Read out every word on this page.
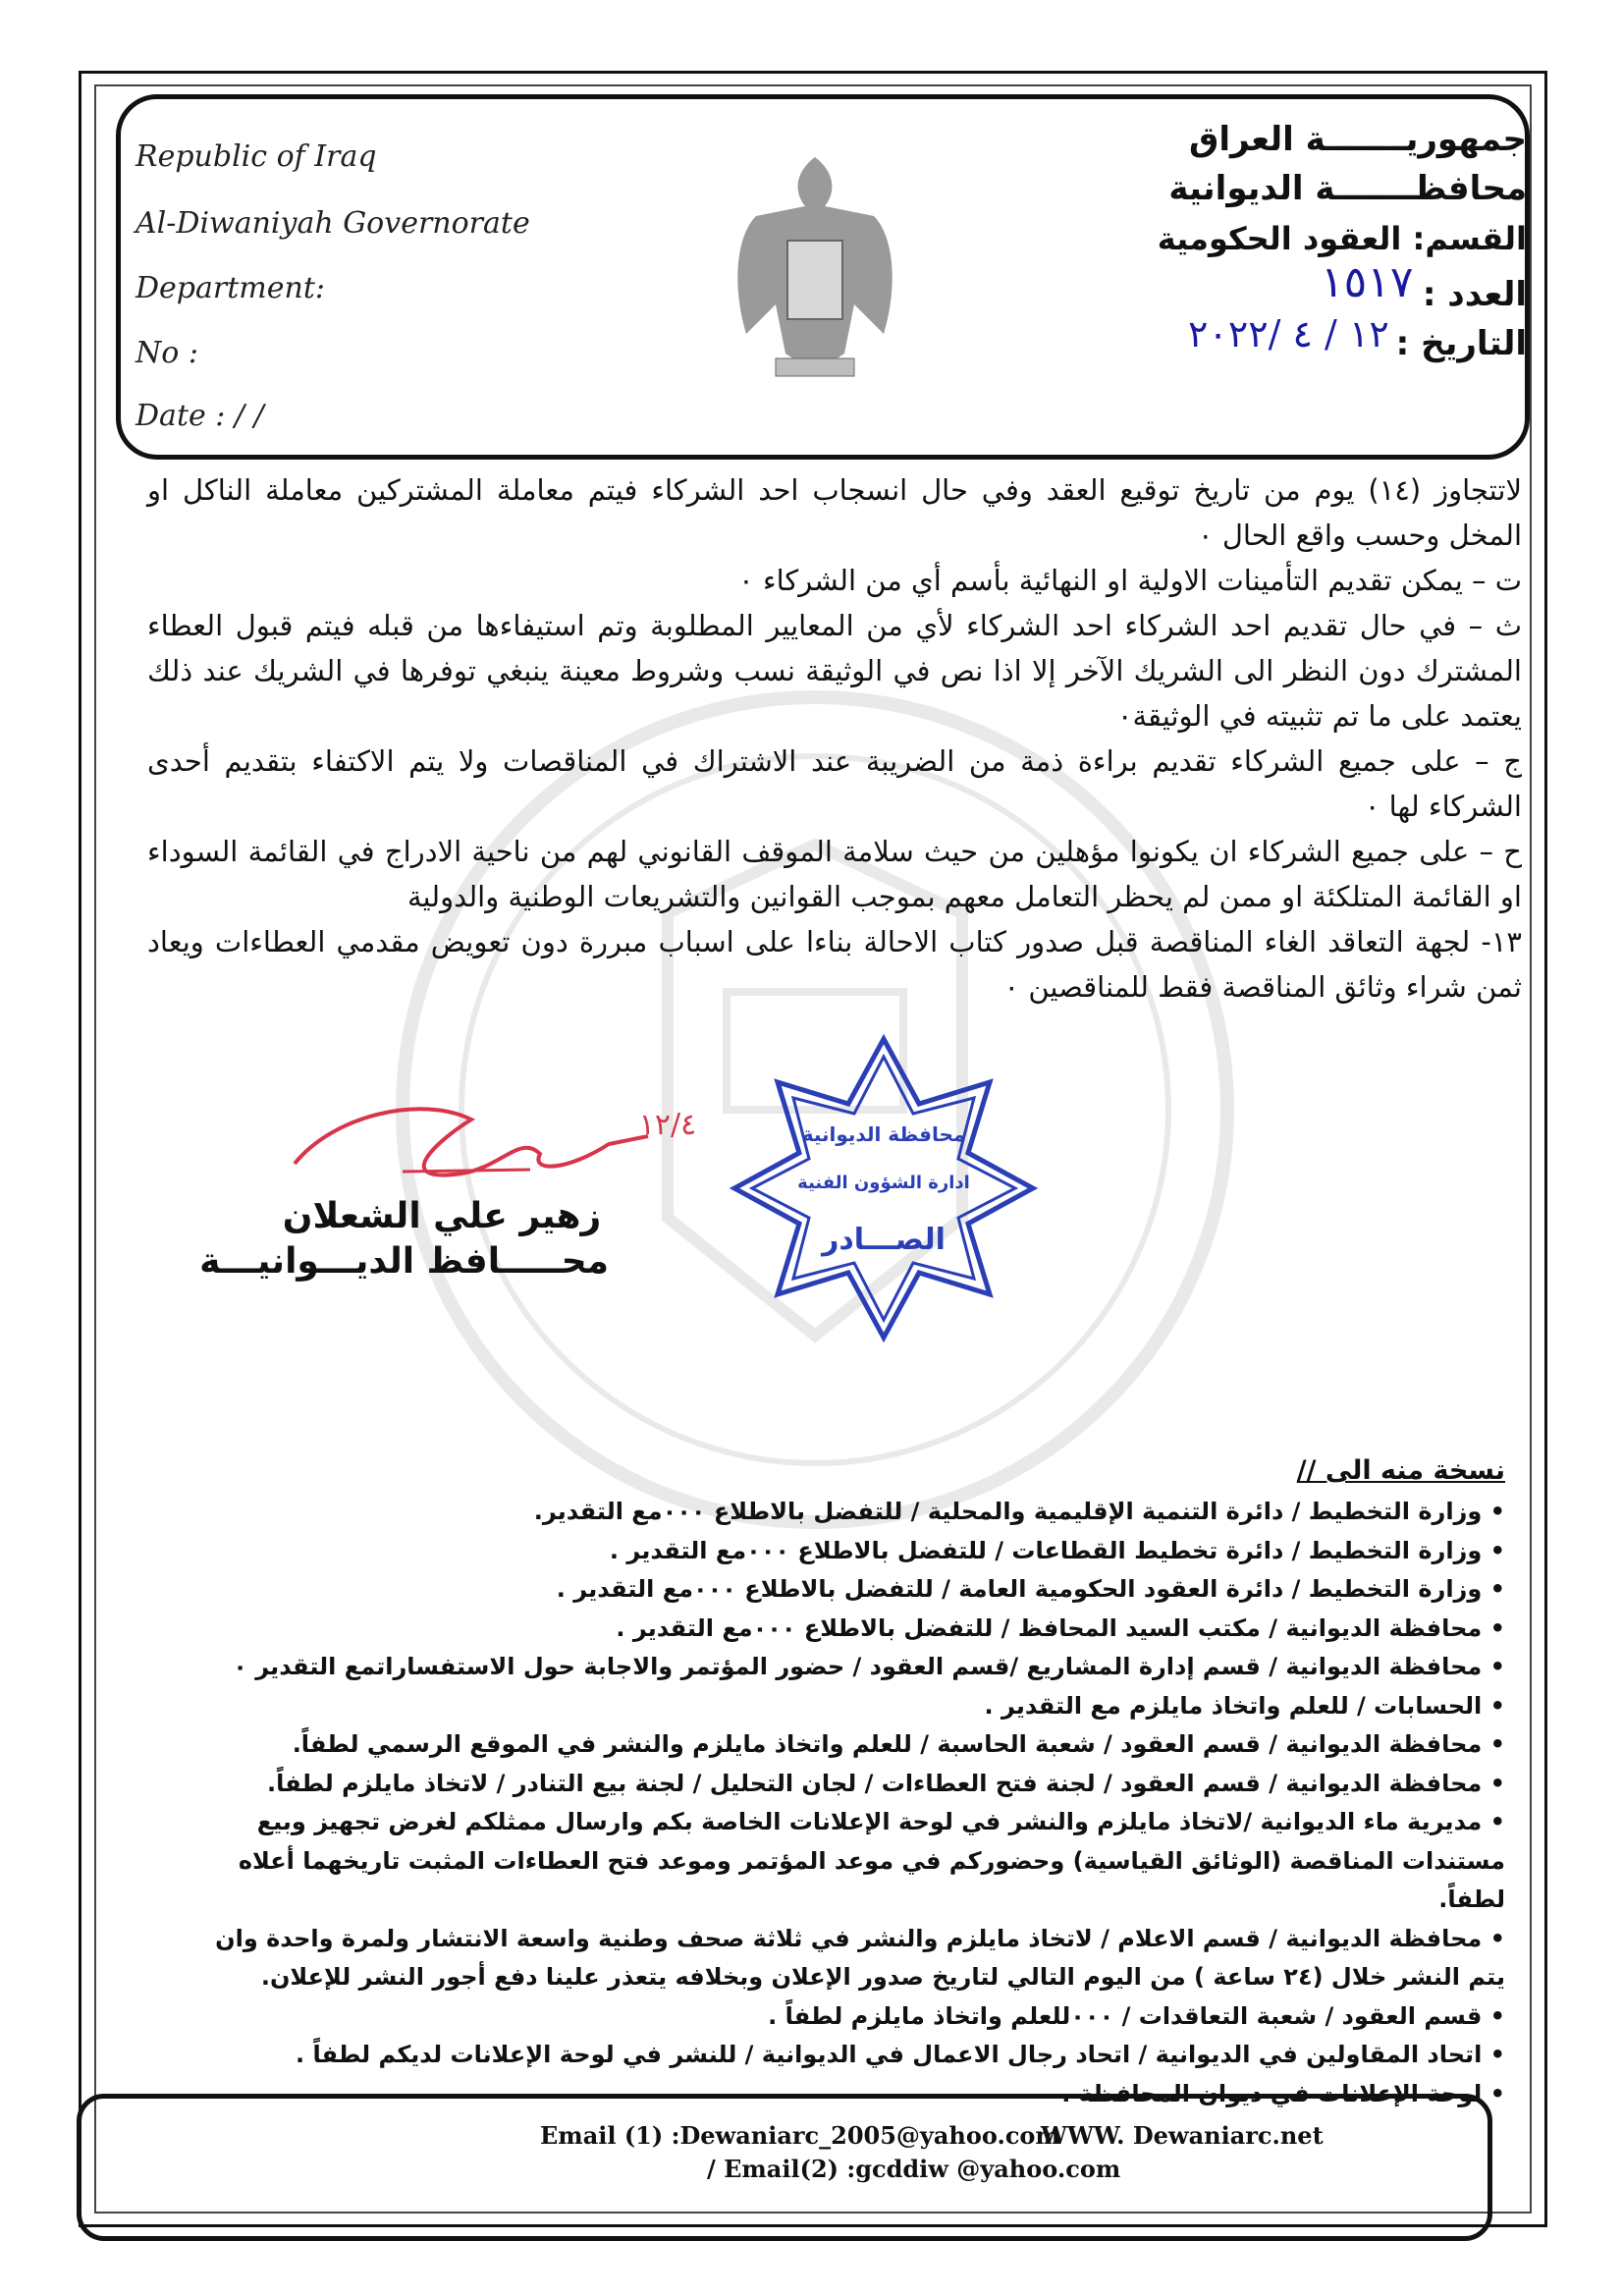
Republic of Iraq
Al-Diwaniyah Governorate
Department:
No :
Date : / /
جمهوريـــــــة العراق
محافظـــــــة الديوانية
القسم: العقود الحكومية
العدد :
١٥١٧
التاريخ :
١٢ / ٤ /٢٠٢٢

لاتتجاوز (١٤) يوم من تاريخ توقيع العقد وفي حال انسجاب احد الشركاء فيتم معاملة المشتركين معاملة الناكل او المخل وحسب واقع الحال ٠

ت – يمكن تقديم التأمينات الاولية او النهائية بأسم أي من الشركاء ٠

ث – في حال تقديم احد الشركاء احد الشركاء لأي من المعايير المطلوبة وتم استيفاءها من قبله فيتم قبول العطاء المشترك دون النظر الى الشريك الآخر إلا اذا نص في الوثيقة نسب وشروط معينة ينبغي توفرها في الشريك عند ذلك يعتمد على ما تم تثبيته في الوثيقة٠

ج – على جميع الشركاء تقديم براءة ذمة من الضريبة عند الاشتراك في المناقصات ولا يتم الاكتفاء بتقديم أحدى الشركاء لها ٠

ح – على جميع الشركاء ان يكونوا مؤهلين من حيث سلامة الموقف القانوني لهم من ناحية الادراج في القائمة السوداء او القائمة المتلكئة او ممن لم يحظر التعامل معهم بموجب القوانين والتشريعات الوطنية والدولية

١٣- لجهة التعاقد الغاء المناقصة قبل صدور كتاب الاحالة بناءا على اسباب مبررة دون تعويض مقدمي العطاءات ويعاد ثمن شراء وثائق المناقصة فقط للمناقصين ٠

محافظة الديوانية
ادارة الشؤون الفنية
الصـــادر
١٢/٤
زهير علي الشعلان
محـــــافظ الديـــوانيـــة
نسخة منه الى //
• وزارة التخطيط / دائرة التنمية الإقليمية والمحلية / للتفضل بالاطلاع ٠٠٠مع التقدير.
• وزارة التخطيط / دائرة تخطيط القطاعات / للتفضل بالاطلاع ٠٠٠مع التقدير .
• وزارة التخطيط / دائرة العقود الحكومية العامة / للتفضل بالاطلاع ٠٠٠مع التقدير .
• محافظة الديوانية / مكتب السيد المحافظ / للتفضل بالاطلاع ٠٠٠مع التقدير .
• محافظة الديوانية / قسم إدارة المشاريع /قسم العقود / حضور المؤتمر والاجابة حول الاستفساراتمع التقدير ٠
• الحسابات / للعلم واتخاذ مايلزم مع التقدير .
• محافظة الديوانية / قسم العقود / شعبة الحاسبة / للعلم واتخاذ مايلزم والنشر في الموقع الرسمي لطفاً.
• محافظة الديوانية / قسم العقود / لجنة فتح العطاءات / لجان التحليل / لجنة بيع التنادر / لاتخاذ مايلزم لطفاً.
• مديرية ماء الديوانية /لاتخاذ مايلزم والنشر في لوحة الإعلانات الخاصة بكم وارسال ممثلكم لغرض تجهيز وبيع مستندات المناقصة (الوثائق القياسية) وحضوركم في موعد المؤتمر وموعد فتح العطاءات المثبت تاريخهما أعلاه لطفاً.
• محافظة الديوانية / قسم الاعلام / لاتخاذ مايلزم والنشر في ثلاثة صحف وطنية واسعة الانتشار ولمرة واحدة وان يتم النشر خلال (٢٤ ساعة ) من اليوم التالي لتاريخ صدور الإعلان وبخلافه يتعذر علينا دفع أجور النشر للإعلان.
• قسم العقود / شعبة التعاقدات / ٠٠٠للعلم واتخاذ مايلزم لطفاً .
• اتحاد المقاولين في الديوانية / اتحاد رجال الاعمال في الديوانية / للنشر في لوحة الإعلانات لديكم لطفاً .
• لوحة الإعلانات في ديوان المحافظة .
Email (1) :Dewaniarc_2005@yahoo.com
WWW. Dewaniarc.net
/ Email(2) :gcddiw @yahoo.com
